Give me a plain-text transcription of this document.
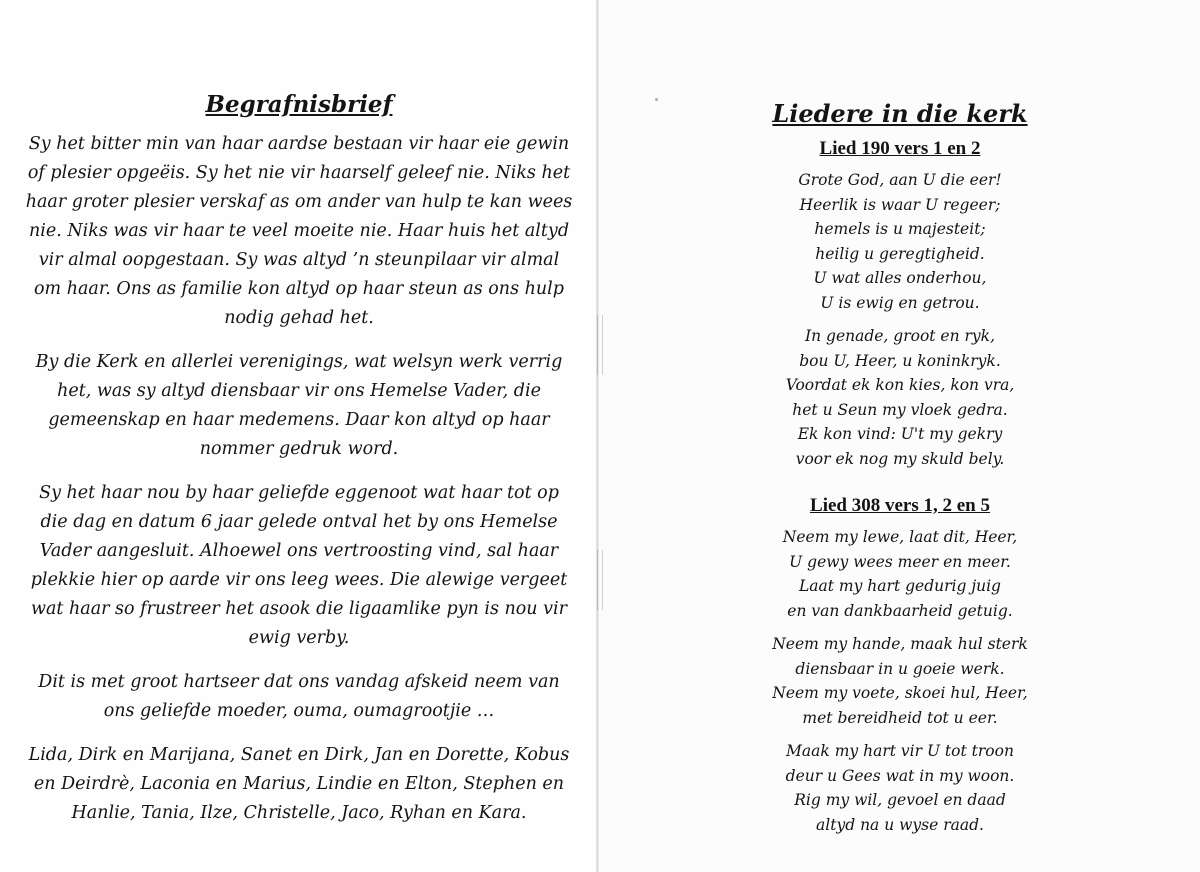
Begrafnisbrief

Sy het bitter min van haar aardse bestaan vir haar eie gewin of plesier opgeëis. Sy het nie vir haarself geleef nie. Niks het haar groter plesier verskaf as om ander van hulp te kan wees nie. Niks was vir haar te veel moeite nie. Haar huis het altyd vir almal oopgestaan. Sy was altyd ’n steunpilaar vir almal om haar. Ons as familie kon altyd op haar steun as ons hulp nodig gehad het.

By die Kerk en allerlei verenigings, wat welsyn werk verrig het, was sy altyd diensbaar vir ons Hemelse Vader, die gemeenskap en haar medemens. Daar kon altyd op haar nommer gedruk word.

Sy het haar nou by haar geliefde eggenoot wat haar tot op die dag en datum 6 jaar gelede ontval het by ons Hemelse Vader aangesluit. Alhoewel ons vertroosting vind, sal haar plekkie hier op aarde vir ons leeg wees. Die alewige vergeet wat haar so frustreer het asook die ligaamlike pyn is nou vir ewig verby.

Dit is met groot hartseer dat ons vandag afskeid neem van ons geliefde moeder, ouma, oumagrootjie …

Lida, Dirk en Marijana, Sanet en Dirk, Jan en Dorette, Kobus en Deirdrè, Laconia en Marius, Lindie en Elton, Stephen en Hanlie, Tania, Ilze, Christelle, Jaco, Ryhan en Kara.

Liedere in die kerk
Lied 190 vers 1 en 2
Grote God, aan U die eer!
Heerlik is waar U regeer;
hemels is u majesteit;
heilig u geregtigheid.
U wat alles onderhou,
U is ewig en getrou.
In genade, groot en ryk,
bou U, Heer, u koninkryk.
Voordat ek kon kies, kon vra,
het u Seun my vloek gedra.
Ek kon vind: U't my gekry
voor ek nog my skuld bely.
Lied 308 vers 1, 2 en 5
Neem my lewe, laat dit, Heer,
U gewy wees meer en meer.
Laat my hart gedurig juig
en van dankbaarheid getuig.
Neem my hande, maak hul sterk
diensbaar in u goeie werk.
Neem my voete, skoei hul, Heer,
met bereidheid tot u eer.
Maak my hart vir U tot troon
deur u Gees wat in my woon.
Rig my wil, gevoel en daad
altyd na u wyse raad.
